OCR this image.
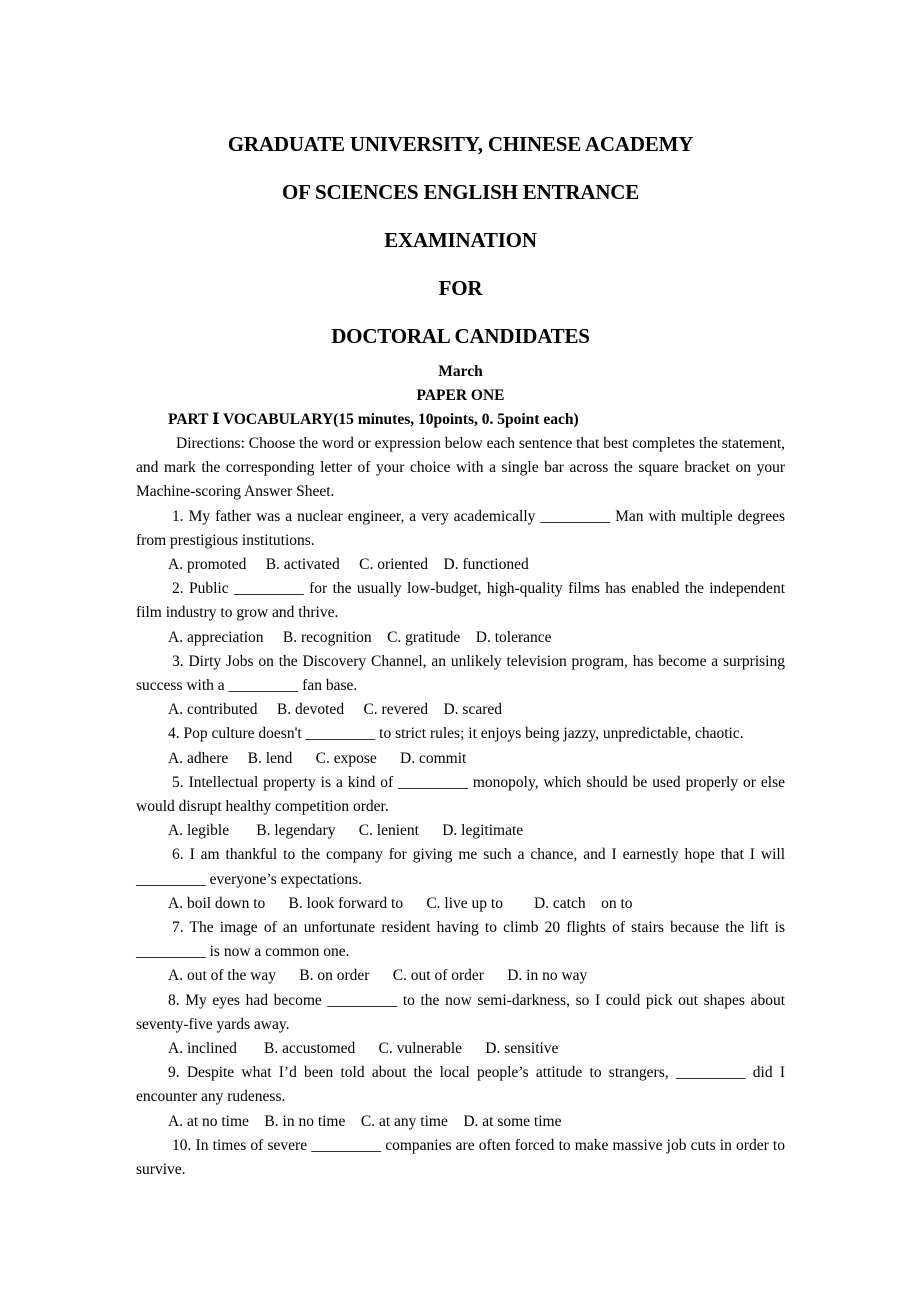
GRADUATE UNIVERSITY, CHINESE ACADEMY
OF SCIENCES ENGLISH ENTRANCE
EXAMINATION
FOR
DOCTORAL CANDIDATES
March
PAPER ONE
PART Ⅰ VOCABULARY(15 minutes, 10points, 0. 5point each)
Directions: Choose the word or expression below each sentence that best completes the statement, and mark the corresponding letter of your choice with a single bar across the square bracket on your Machine-scoring Answer Sheet.
1. My father was a nuclear engineer, a very academically _________ Man with multiple degrees from prestigious institutions.
A. promoted     B. activated     C. oriented    D. functioned
2. Public _________ for the usually low-budget, high-quality films has enabled the independent film industry to grow and thrive.
A. appreciation     B. recognition    C. gratitude    D. tolerance
3. Dirty Jobs on the Discovery Channel, an unlikely television program, has become a surprising success with a _________ fan base.
A. contributed     B. devoted     C. revered    D. scared
4. Pop culture doesn't _________ to strict rules; it enjoys being jazzy, unpredictable, chaotic.
A. adhere     B. lend      C. expose      D. commit
5. Intellectual property is a kind of _________ monopoly, which should be used properly or else would disrupt healthy competition order.
A. legible       B. legendary      C. lenient      D. legitimate
6. I am thankful to the company for giving me such a chance, and I earnestly hope that I will _________ everyone’s expectations.
A. boil down to      B. look forward to      C. live up to        D. catch    on to
7. The image of an unfortunate resident having to climb 20 flights of stairs because the lift is _________ is now a common one.
A. out of the way      B. on order      C. out of order      D. in no way
8. My eyes had become _________ to the now semi-darkness, so I could pick out shapes about seventy-five yards away.
A. inclined       B. accustomed      C. vulnerable      D. sensitive
9. Despite what I’d been told about the local people’s attitude to strangers, _________ did I encounter any rudeness.
A. at no time    B. in no time    C. at any time    D. at some time
10. In times of severe _________ companies are often forced to make massive job cuts in order to survive.
